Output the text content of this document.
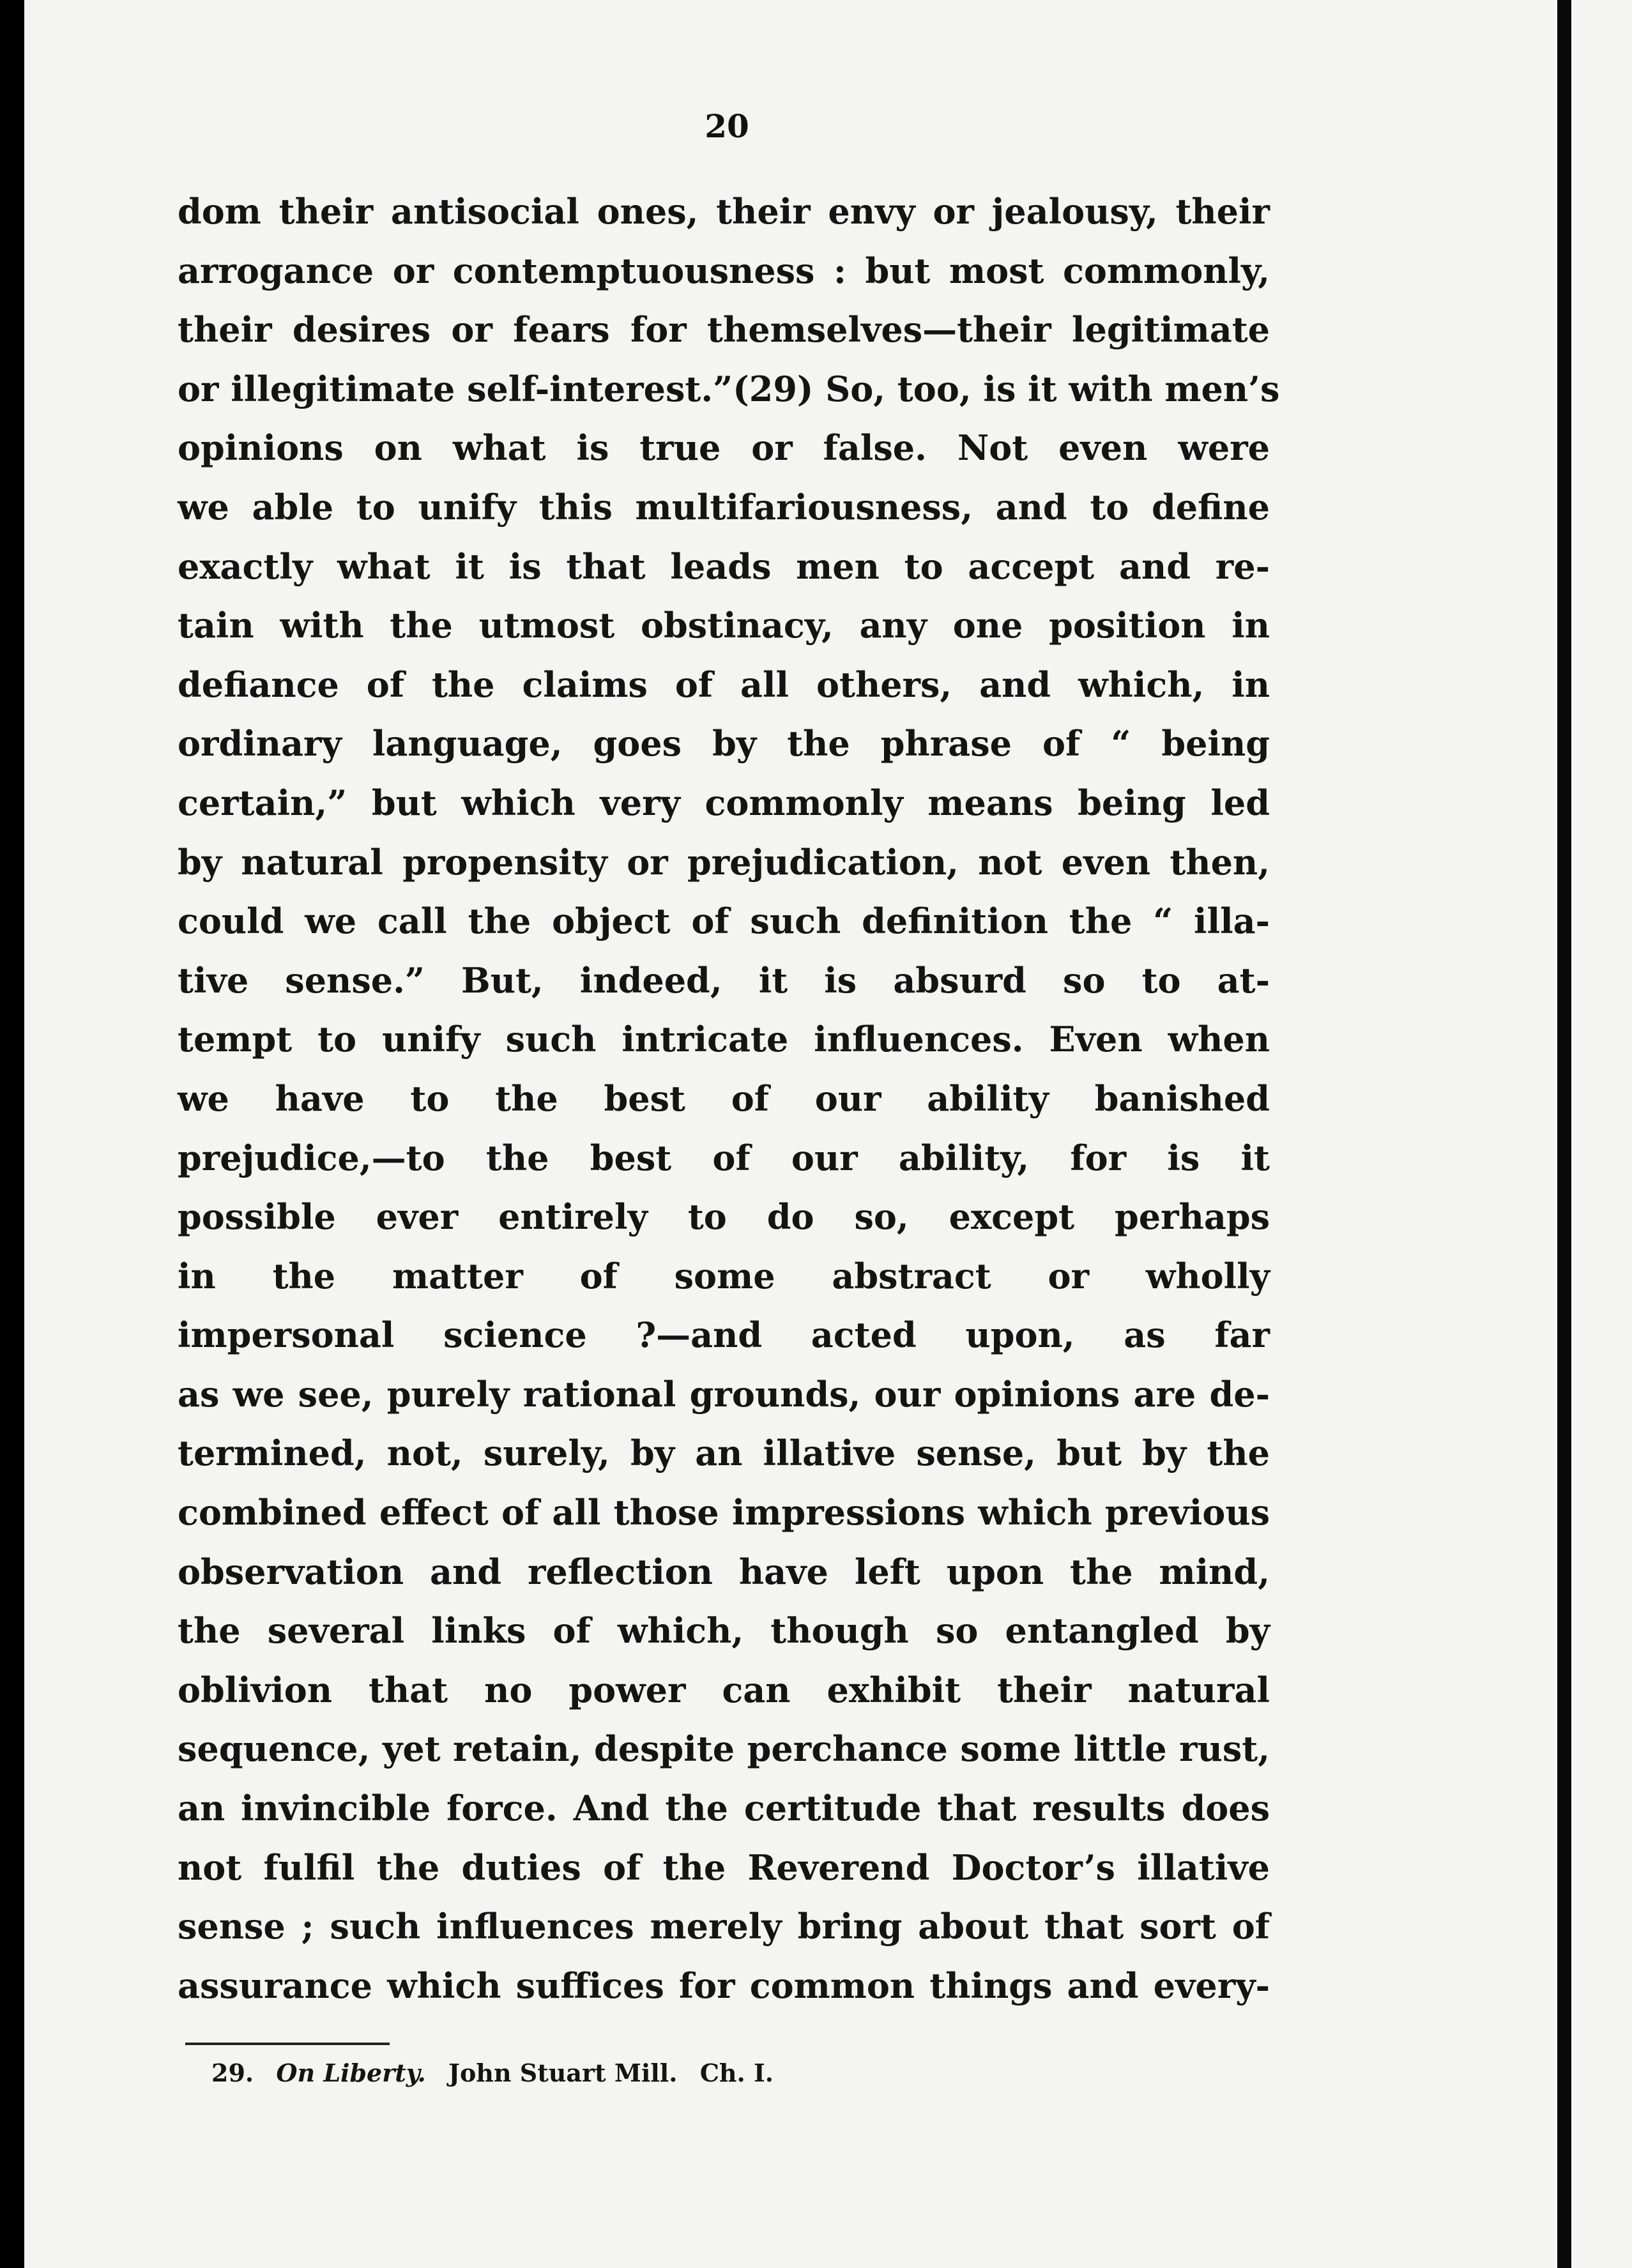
20
dom their antisocial ones, their envy or jealousy, their
arrogance or contemptuousness : but most commonly,
their desires or fears for themselves—their legitimate
or illegitimate self-interest.”(29) So, too, is it with men’s
opinions on what is true or false. Not even were
we able to unify this multifariousness, and to define
exactly what it is that leads men to accept and re-
tain with the utmost obstinacy, any one position in
defiance of the claims of all others, and which, in
ordinary language, goes by the phrase of “ being
certain,” but which very commonly means being led
by natural propensity or prejudication, not even then,
could we call the object of such definition the “ illa-
tive sense.” But, indeed, it is absurd so to at-
tempt to unify such intricate influences. Even when
we have to the best of our ability banished
prejudice,—to the best of our ability, for is it
possible ever entirely to do so, except perhaps
in the matter of some abstract or wholly
impersonal science ?—and acted upon, as far
as we see, purely rational grounds, our opinions are de-
termined, not, surely, by an illative sense, but by the
combined effect of all those impressions which previous
observation and reflection have left upon the mind,
the several links of which, though so entangled by
oblivion that no power can exhibit their natural
sequence, yet retain, despite perchance some little rust,
an invincible force. And the certitude that results does
not fulfil the duties of the Reverend Doctor’s illative
sense ; such influences merely bring about that sort of
assurance which suffices for common things and every-
29. On Liberty. John Stuart Mill. Ch. I.
